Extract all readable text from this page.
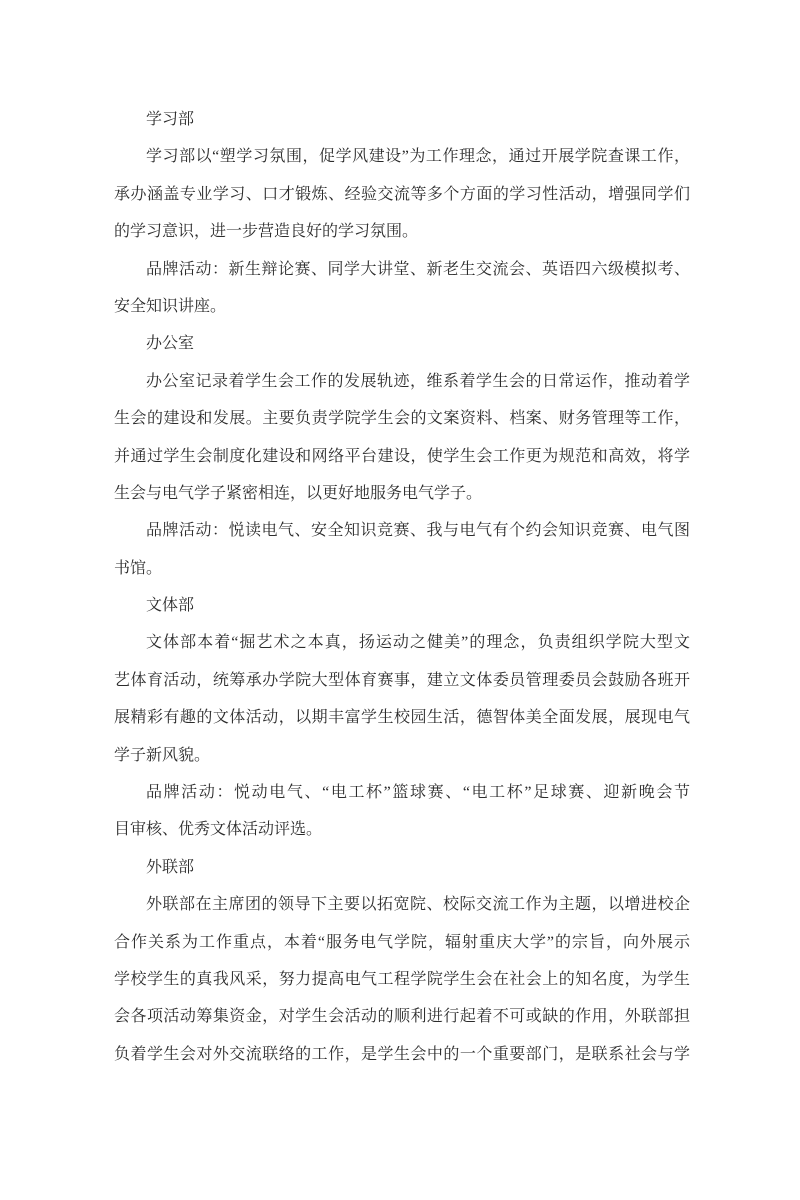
学习部
学习部以“塑学习氛围，促学风建设”为工作理念，通过开展学院查课工作，
承办涵盖专业学习、口才锻炼、经验交流等多个方面的学习性活动，增强同学们
的学习意识，进一步营造良好的学习氛围。
品牌活动：新生辩论赛、同学大讲堂、新老生交流会、英语四六级模拟考、
安全知识讲座。
办公室
办公室记录着学生会工作的发展轨迹，维系着学生会的日常运作，推动着学
生会的建设和发展。主要负责学院学生会的文案资料、档案、财务管理等工作，
并通过学生会制度化建设和网络平台建设，使学生会工作更为规范和高效，将学
生会与电气学子紧密相连，以更好地服务电气学子。
品牌活动：悦读电气、安全知识竞赛、我与电气有个约会知识竞赛、电气图
书馆。
文体部
文体部本着“掘艺术之本真，扬运动之健美”的理念，负责组织学院大型文
艺体育活动，统筹承办学院大型体育赛事，建立文体委员管理委员会鼓励各班开
展精彩有趣的文体活动，以期丰富学生校园生活，德智体美全面发展，展现电气
学子新风貌。
品牌活动：悦动电气、“电工杯”篮球赛、“电工杯”足球赛、迎新晚会节
目审核、优秀文体活动评选。
外联部
外联部在主席团的领导下主要以拓宽院、校际交流工作为主题，以增进校企
合作关系为工作重点，本着“服务电气学院，辐射重庆大学”的宗旨，向外展示
学校学生的真我风采，努力提高电气工程学院学生会在社会上的知名度，为学生
会各项活动筹集资金，对学生会活动的顺利进行起着不可或缺的作用，外联部担
负着学生会对外交流联络的工作，是学生会中的一个重要部门，是联系社会与学
